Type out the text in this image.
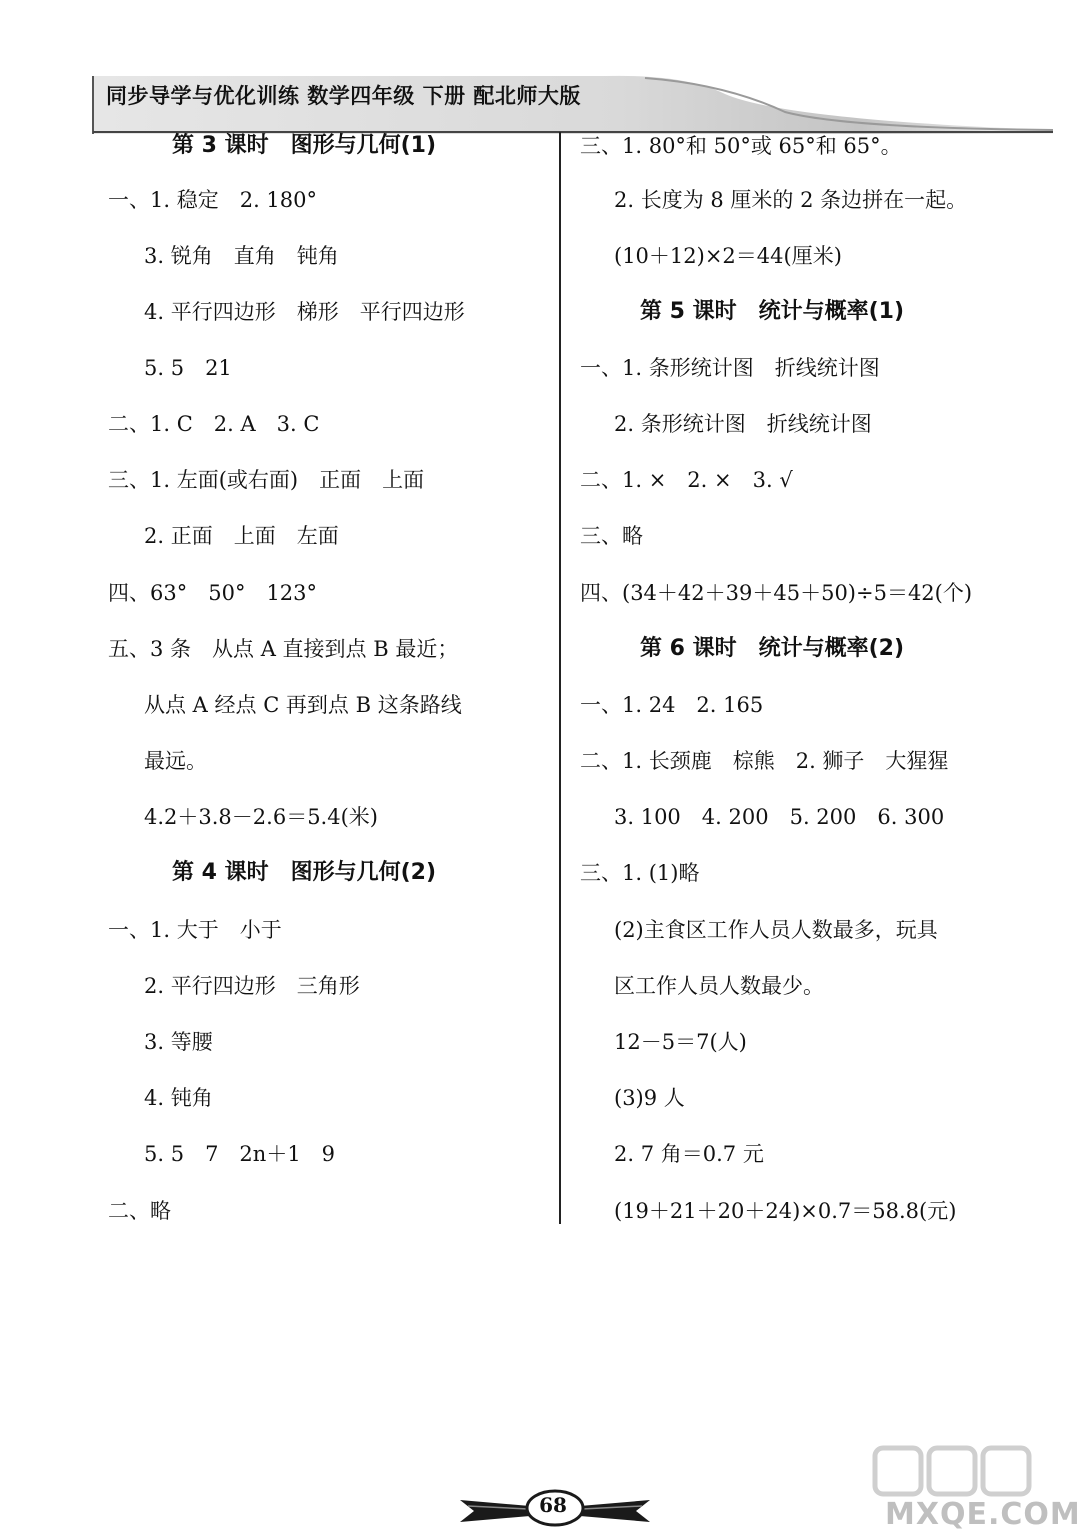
同步导学与优化训练 数学四年级 下册 配北师大版
第 3 课时　图形与几何(1)
一、1. 稳定　2. 180°
3. 锐角　直角　钝角
4. 平行四边形　梯形　平行四边形
5. 5　21
二、1. C　2. A　3. C
三、1. 左面(或右面)　正面　上面
2. 正面　上面　左面
四、63°　50°　123°
五、3 条　从点 A 直接到点 B 最近；
从点 A 经点 C 再到点 B 这条路线
最远。
4.2＋3.8－2.6＝5.4(米)
第 4 课时　图形与几何(2)
一、1. 大于　小于
2. 平行四边形　三角形
3. 等腰
4. 钝角
5. 5　7　2n＋1　9
二、略
三、1. 80°和 50°或 65°和 65°。
2. 长度为 8 厘米的 2 条边拼在一起。
(10＋12)×2＝44(厘米)
第 5 课时　统计与概率(1)
一、1. 条形统计图　折线统计图
2. 条形统计图　折线统计图
二、1. ×　2. ×　3. √
三、略
四、(34＋42＋39＋45＋50)÷5＝42(个)
第 6 课时　统计与概率(2)
一、1. 24　2. 165
二、1. 长颈鹿　棕熊　2. 狮子　大猩猩
3. 100　4. 200　5. 200　6. 300
三、1. (1)略
(2)主食区工作人员人数最多，玩具
区工作人员人数最少。
12－5＝7(人)
(3)9 人
2. 7 角＝0.7 元
(19＋21＋20＋24)×0.7＝58.8(元)
68	MXQE.COM
